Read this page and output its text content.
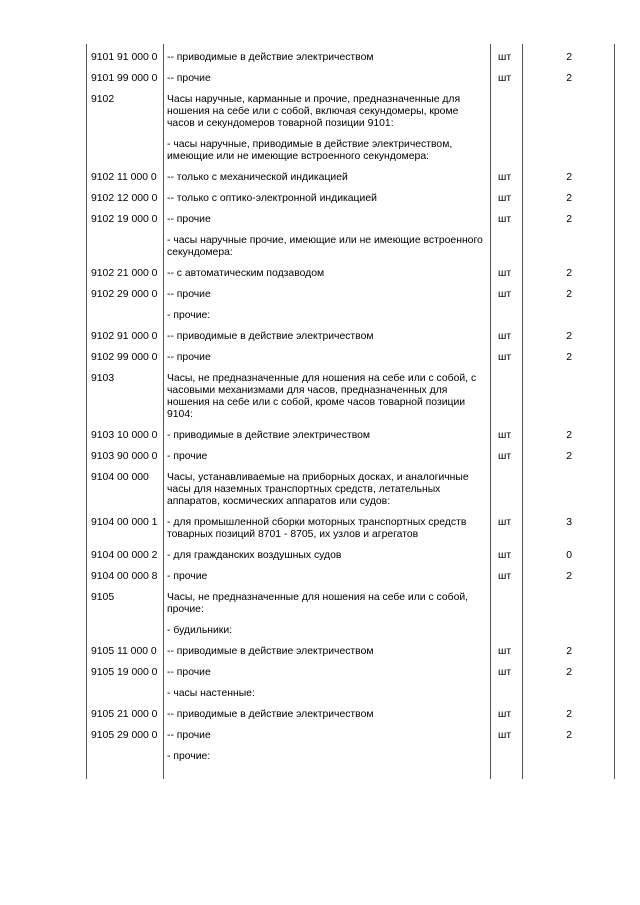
9101 91 000 0	-- приводимые в действие электричеством	шт	2
9101 99 000 0	-- прочие	шт	2
9102	Часы наручные, карманные и прочие, предназначенные для ношения на себе или с собой, включая секундомеры, кроме часов и секундомеров товарной позиции 9101:		
	- часы наручные, приводимые в действие электричеством, имеющие или не имеющие встроенного секундомера:		
9102 11 000 0	-- только с механической индикацией	шт	2
9102 12 000 0	-- только с оптико-электронной индикацией	шт	2
9102 19 000 0	-- прочие	шт	2
	- часы наручные прочие, имеющие или не имеющие встроенного секундомера:		
9102 21 000 0	-- с автоматическим подзаводом	шт	2
9102 29 000 0	-- прочие	шт	2
	- прочие:		
9102 91 000 0	-- приводимые в действие электричеством	шт	2
9102 99 000 0	-- прочие	шт	2
9103	Часы, не предназначенные для ношения на себе или с собой, с часовыми механизмами для часов, предназначенных для ношения на себе или с собой, кроме часов товарной позиции 9104:		
9103 10 000 0	- приводимые в действие электричеством	шт	2
9103 90 000 0	- прочие	шт	2
9104 00 000	Часы, устанавливаемые на приборных досках, и аналогичные часы для наземных транспортных средств, летательных аппаратов, космических аппаратов или судов:		
9104 00 000 1	- для промышленной сборки моторных транспортных средств товарных позиций 8701 - 8705, их узлов и агрегатов	шт	3
9104 00 000 2	- для гражданских воздушных судов	шт	0
9104 00 000 8	- прочие	шт	2
9105	Часы, не предназначенные для ношения на себе или с собой, прочие:		
	- будильники:		
9105 11 000 0	-- приводимые в действие электричеством	шт	2
9105 19 000 0	-- прочие	шт	2
	- часы настенные:		
9105 21 000 0	-- приводимые в действие электричеством	шт	2
9105 29 000 0	-- прочие	шт	2
	- прочие:		
